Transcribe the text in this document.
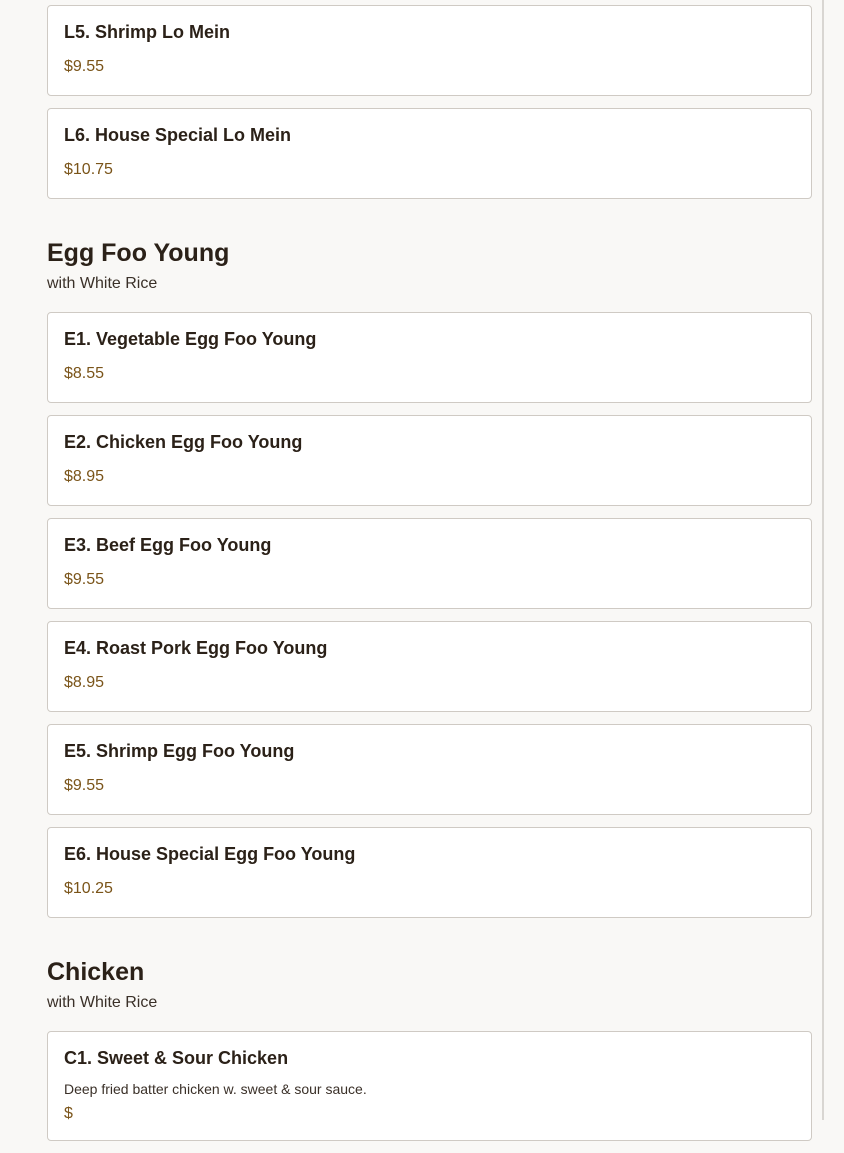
L5. Shrimp Lo Mein
$9.55
L6. House Special Lo Mein
$10.75
Egg Foo Young
with White Rice
E1. Vegetable Egg Foo Young
$8.55
E2. Chicken Egg Foo Young
$8.95
E3. Beef Egg Foo Young
$9.55
E4. Roast Pork Egg Foo Young
$8.95
E5. Shrimp Egg Foo Young
$9.55
E6. House Special Egg Foo Young
$10.25
Chicken
with White Rice
C1. Sweet & Sour Chicken
Deep fried batter chicken w. sweet & sour sauce.
$
